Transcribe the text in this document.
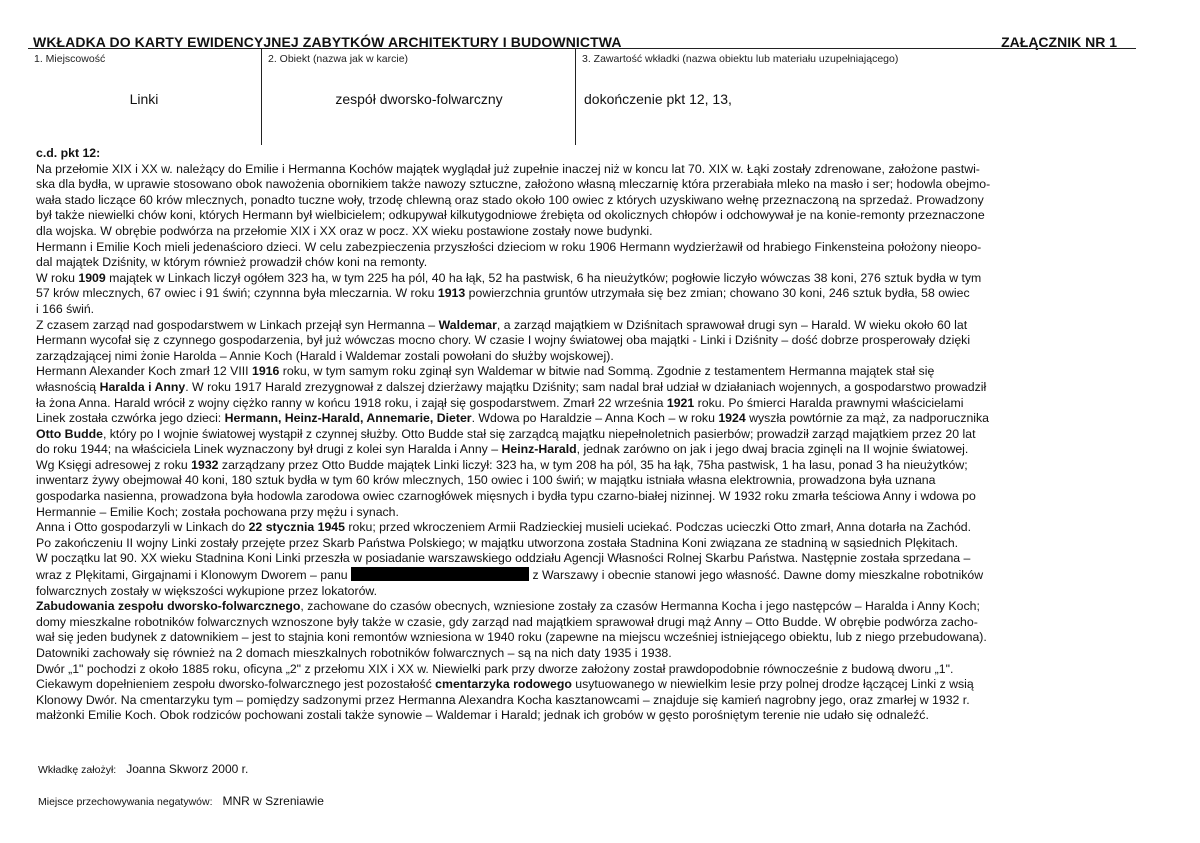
WKŁADKA DO KARTY EWIDENCYJNEJ ZABYTKÓW ARCHITEKTURY I BUDOWNICTWA	ZAŁĄCZNIK NR 1
1. Miejscowość
Linki
2. Obiekt (nazwa jak w karcie)
zespół dworsko-folwarczny
3. Zawartość wkładki (nazwa obiektu lub materiału uzupełniającego)
dokończenie pkt 12, 13,
c.d. pkt 12:
Na przełomie XIX i XX w. należący do Emilie i Hermanna Kochów majątek wyglądał już zupełnie inaczej niż w koncu lat 70. XIX w. Łąki zostały zdrenowane, założone pastwi-
ska dla bydła, w uprawie stosowano obok nawożenia obornikiem także nawozy sztuczne, założono własną mleczarnię która przerabiała mleko na masło i ser; hodowla obejmo-
wała stado liczące 60 krów mlecznych, ponadto tuczne woły, trzodę chlewną oraz stado około 100 owiec z których uzyskiwano wełnę przeznaczoną na sprzedaż. Prowadzony
był także niewielki chów koni, których Hermann był wielbicielem; odkupywał kilkutygodniowe źrebięta od okolicznych chłopów i odchowywał je na konie-remonty przeznaczone
dla wojska. W obrębie podwórza na przełomie XIX i XX oraz w pocz. XX wieku postawione zostały nowe budynki.
Hermann i Emilie Koch mieli jedenaścioro dzieci. W celu zabezpieczenia przyszłości dzieciom w roku 1906 Hermann wydzierżawił od hrabiego Finkensteina położony nieopo-
dal majątek Dziśnity, w którym również prowadził chów koni na remonty.
W roku 1909 majątek w Linkach liczył ogółem 323 ha, w tym 225 ha pól, 40 ha łąk, 52 ha pastwisk, 6 ha nieużytków; pogłowie liczyło wówczas 38 koni, 276 sztuk bydła w tym
57 krów mlecznych, 67 owiec i 91 świń; czynnna była mleczarnia. W roku 1913 powierzchnia gruntów utrzymała się bez zmian; chowano 30 koni, 246 sztuk bydła, 58 owiec
i 166 świń.
Z czasem zarząd nad gospodarstwem w Linkach przejął syn Hermanna – Waldemar, a zarząd majątkiem w Dziśnitach sprawował drugi syn – Harald. W wieku około 60 lat
Hermann wycofał się z czynnego gospodarzenia, był już wówczas mocno chory. W czasie I wojny światowej oba majątki - Linki i Dziśnity – dość dobrze prosperowały dzięki
zarządzającej nimi żonie Harolda – Annie Koch (Harald i Waldemar zostali powołani do służby wojskowej).
Hermann Alexander Koch zmarł 12 VIII 1916 roku, w tym samym roku zginął syn Waldemar w bitwie nad Sommą. Zgodnie z testamentem Hermanna majątek stał się
własnością Haralda i Anny. W roku 1917 Harald zrezygnował z dalszej dzierżawy majątku Dziśnity; sam nadal brał udział w działaniach wojennych, a gospodarstwo prowadził
ła żona Anna. Harald wrócił z wojny ciężko ranny w końcu 1918 roku, i zajął się gospodarstwem. Zmarł 22 września 1921 roku. Po śmierci Haralda prawnymi właścicielami
Linek została czwórka jego dzieci: Hermann, Heinz-Harald, Annemarie, Dieter. Wdowa po Haraldzie – Anna Koch – w roku 1924 wyszła powtórnie za mąż, za nadporucznika
Otto Budde, który po I wojnie światowej wystąpił z czynnej służby. Otto Budde stał się zarządcą majątku niepełnoletnich pasierbów; prowadził zarząd majątkiem przez 20 lat
do roku 1944; na właściciela Linek wyznaczony był drugi z kolei syn Haralda i Anny – Heinz-Harald, jednak zarówno on jak i jego dwaj bracia zginęli na II wojnie światowej.
Wg Księgi adresowej z roku 1932 zarządzany przez Otto Budde majątek Linki liczył: 323 ha, w tym 208 ha pól, 35 ha łąk, 75ha pastwisk, 1 ha lasu, ponad 3 ha nieużytków;
inwentarz żywy obejmował 40 koni, 180 sztuk bydła w tym 60 krów mlecznych, 150 owiec i 100 świń; w majątku istniała własna elektrownia, prowadzona była uznana
gospodarka nasienna, prowadzona była hodowla zarodowa owiec czarnogłówek mięsnych i bydła typu czarno-białej nizinnej. W 1932 roku zmarła teściowa Anny i wdowa po
Hermannie – Emilie Koch; została pochowana przy mężu i synach.
Anna i Otto gospodarzyli w Linkach do 22 stycznia 1945 roku; przed wkroczeniem Armii Radzieckiej musieli uciekać. Podczas ucieczki Otto zmarł, Anna dotarła na Zachód.
Po zakończeniu II wojny Linki zostały przejęte przez Skarb Państwa Polskiego; w majątku utworzona została Stadnina Koni związana ze stadniną w sąsiednich Plękitach.
W początku lat 90. XX wieku Stadnina Koni Linki przeszła w posiadanie warszawskiego oddziału Agencji Własności Rolnej Skarbu Państwa. Następnie została sprzedana –
wraz z Plękitami, Girgajnami i Klonowym Dworem – panu	z Warszawy i obecnie stanowi jego własność. Dawne domy mieszkalne robotników
folwarcznych zostały w większości wykupione przez lokatorów.
Zabudowania zespołu dworsko-folwarcznego, zachowane do czasów obecnych, wzniesione zostały za czasów Hermanna Kocha i jego następców – Haralda i Anny Koch;
domy mieszkalne robotników folwarcznych wznoszone były także w czasie, gdy zarząd nad majątkiem sprawował drugi mąż Anny – Otto Budde. W obrębie podwórza zacho-
wał się jeden budynek z datownikiem – jest to stajnia koni remontów wzniesiona w 1940 roku (zapewne na miejscu wcześniej istniejącego obiektu, lub z niego przebudowana).
Datowniki zachowały się również na 2 domach mieszkalnych robotników folwarcznych – są na nich daty 1935 i 1938.
Dwór „1" pochodzi z około 1885 roku, oficyna „2" z przełomu XIX i XX w. Niewielki park przy dworze założony został prawdopodobnie równocześnie z budową dworu „1".
Ciekawym dopełnieniem zespołu dworsko-folwarcznego jest pozostałość cmentarzyka rodowego usytuowanego w niewielkim lesie przy polnej drodze łączącej Linki z wsią
Klonowy Dwór. Na cmentarzyku tym – pomiędzy sadzonymi przez Hermanna Alexandra Kocha kasztanowcami – znajduje się kamień nagrobny jego, oraz zmarłej w 1932 r.
małżonki Emilie Koch. Obok rodziców pochowani zostali także synowie – Waldemar i Harald; jednak ich grobów w gęsto porośniętym terenie nie udało się odnaleźć.
Wkładkę założył: Joanna Skworz 2000 r.
Miejsce przechowywania negatywów: MNR w Szreniawie
